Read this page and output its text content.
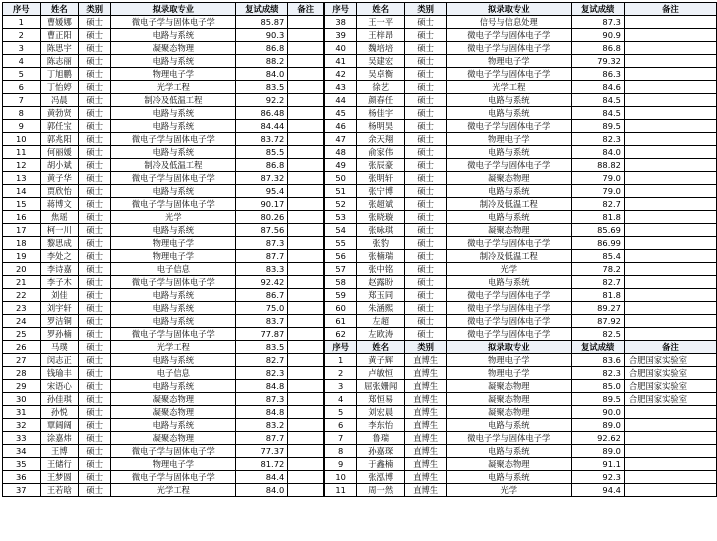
序号	姓名	类别	拟录取专业	复试成绩	备注
1	曹媛娜	硕士	微电子学与固体电子学	85.87	
2	曹正阳	硕士	电路与系统	90.3	
3	陈思宇	硕士	凝聚态物理	86.8	
4	陈志丽	硕士	电路与系统	88.2	
5	丁旭鹏	硕士	物理电子学	84.0	
6	丁怡婷	硕士	光学工程	83.5	
7	冯晨	硕士	制冷及低温工程	92.2	
8	黄勃贤	硕士	电路与系统	86.48	
9	郭任宝	硕士	电路与系统	84.44	
10	郭兆阳	硕士	微电子学与固体电子学	83.72	
11	何丽媛	硕士	电路与系统	85.5	
12	胡小斌	硕士	制冷及低温工程	86.8	
13	黄子华	硕士	微电子学与固体电子学	87.32	
14	贾欣怡	硕士	电路与系统	95.4	
15	蒋博文	硕士	微电子学与固体电子学	90.17	
16	焦瑶	硕士	光学	80.26	
17	柯一川	硕士	电路与系统	87.56	
18	黎思成	硕士	物理电子学	87.3	
19	李处之	硕士	物理电子学	87.7	
20	李诗嘉	硕士	电子信息	83.3	
21	李子木	硕士	微电子学与固体电子学	92.42	
22	刘佳	硕士	电路与系统	86.7	
23	刘宇轩	硕士	电路与系统	75.0	
24	罗洁铜	硕士	电路与系统	83.7	
25	罗孙楠	硕士	微电子学与固体电子学	77.87	
26	马璞	硕士	光学工程	83.5	
27	闵志正	硕士	电路与系统	82.7	
28	钱瑜丰	硕士	电子信息	82.3	
29	宋语心	硕士	电路与系统	84.8	
30	孙佳琪	硕士	凝聚态物理	87.3	
31	孙悦	硕士	凝聚态物理	84.8	
32	覃阔阔	硕士	电路与系统	83.2	
33	涂嘉炜	硕士	凝聚态物理	87.7	
34	王博	硕士	微电子学与固体电子学	77.37	
35	王储行	硕士	物理电子学	81.72	
36	王梦圆	硕士	微电子学与固体电子学	84.4	
37	王若晗	硕士	光学工程	84.0	
序号	姓名	类别	拟录取专业	复试成绩	备注
38	王一平	硕士	信号与信息处理	87.3	
39	王梓昂	硕士	微电子学与固体电子学	90.9	
40	魏培培	硕士	微电子学与固体电子学	86.8	
41	吴建宏	硕士	物理电子学	79.32	
42	吴卓衡	硕士	微电子学与固体电子学	86.3	
43	徐艺	硕士	光学工程	84.6	
44	颜春任	硕士	电路与系统	84.5	
45	杨佳宇	硕士	电路与系统	84.5	
46	杨明昊	硕士	微电子学与固体电子学	89.5	
47	余天翔	硕士	物理电子学	82.3	
48	俞家伟	硕士	电路与系统	84.0	
49	张辰豪	硕士	微电子学与固体电子学	88.82	
50	张明轩	硕士	凝聚态物理	79.0	
51	张宁博	硕士	电路与系统	79.0	
52	张超斌	硕士	制冷及低温工程	82.7	
53	张晓璇	硕士	电路与系统	81.8	
54	张咏琪	硕士	凝聚态物理	85.69	
55	张豹	硕士	微电子学与固体电子学	86.99	
56	张楠瑞	硕士	制冷及低温工程	85.4	
57	张中铭	硕士	光学	78.2	
58	赵露盼	硕士	电路与系统	82.7	
59	郑玉同	硕士	微电子学与固体电子学	81.8	
60	朱涵熙	硕士	微电子学与固体电子学	89.27	
61	左超	硕士	微电子学与固体电子学	87.92	
62	左欧涛	硕士	微电子学与固体电子学	82.5	
序号	姓名	类别	拟录取专业	复试成绩	备注
1	黄子辉	直博生	物理电子学	83.6	合肥国家实验室
2	卢敏恒	直博生	物理电子学	82.3	合肥国家实验室
3	屈张姗闻	直博生	凝聚态物理	85.0	合肥国家实验室
4	郑恒易	直博生	凝聚态物理	89.5	合肥国家实验室
5	刘宏晨	直博生	凝聚态物理	90.0	
6	李东怡	直博生	电路与系统	89.0	
7	鲁瑞	直博生	微电子学与固体电子学	92.62	
8	孙嘉琛	直博生	电路与系统	89.0	
9	于鑫楠	直博生	凝聚态物理	91.1	
10	张泓博	直博生	电路与系统	92.3	
11	周一然	直博生	光学	94.4	
